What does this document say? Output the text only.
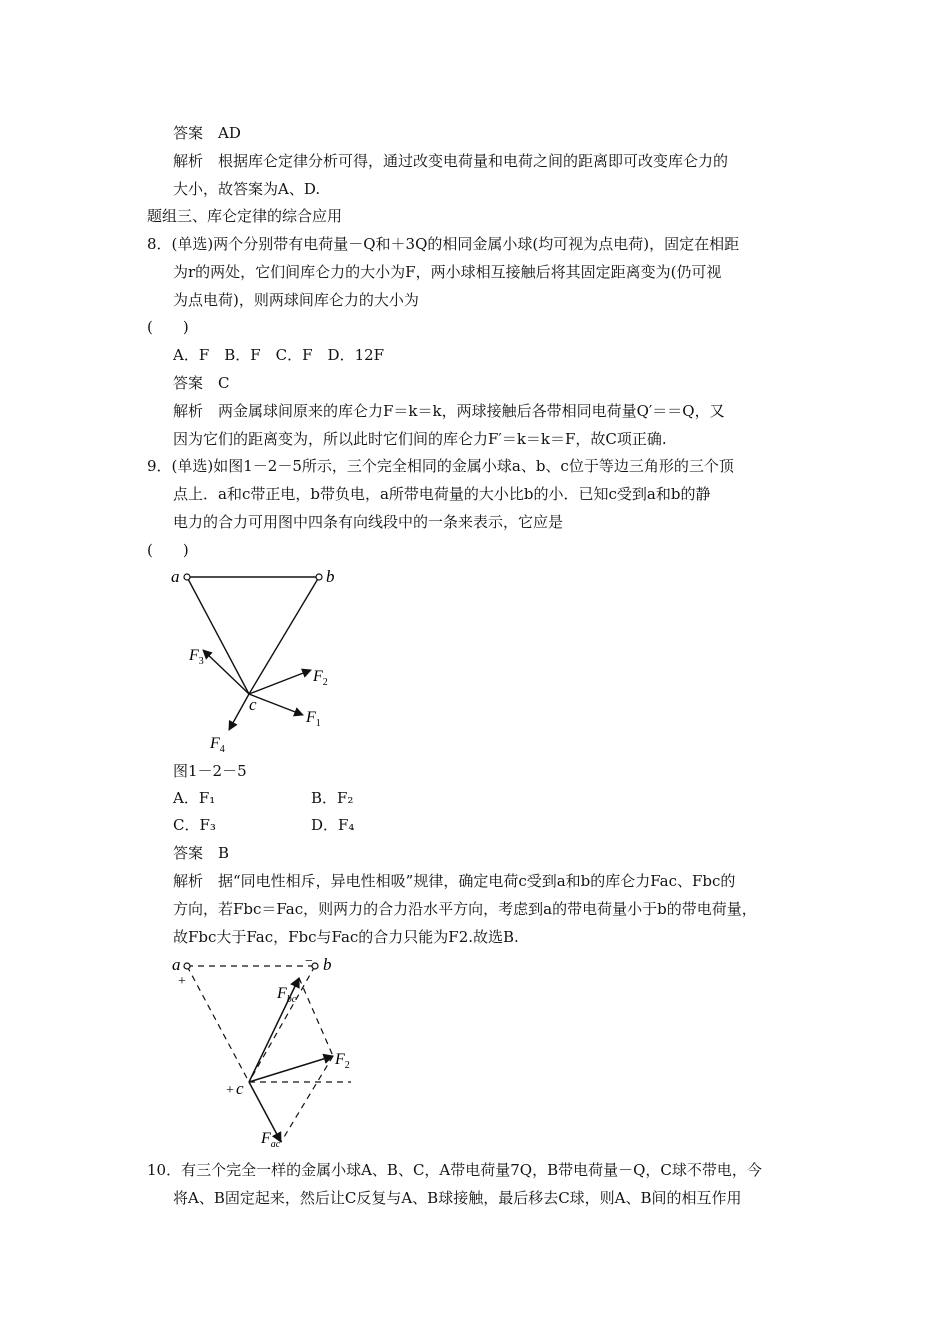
答案　AD
解析　根据库仑定律分析可得，通过改变电荷量和电荷之间的距离即可改变库仑力的
大小，故答案为A、D.
题组三、库仑定律的综合应用
8．(单选)两个分别带有电荷量－Q和＋3Q的相同金属小球(均可视为点电荷)，固定在相距
为r的两处，它们间库仑力的大小为F，两小球相互接触后将其固定距离变为(仍可视
为点电荷)，则两球间库仑力的大小为
(　　)
A．F　B．F　C．F　D．12F
答案　C
解析　两金属球间原来的库仑力F＝k＝k，两球接触后各带相同电荷量Q′＝＝Q，又
因为它们的距离变为，所以此时它们间的库仑力F′＝k＝k＝F，故C项正确.
9．(单选)如图1－2－5所示，三个完全相同的金属小球a、b、c位于等边三角形的三个顶
点上．a和c带正电，b带负电，a所带电荷量的大小比b的小．已知c受到a和b的静
电力的合力可用图中四条有向线段中的一条来表示，它应是
(　　)
a	b
c
$F_1$
$F_2$
$F_3$
$F_4$
图1－2－5
A．F₁	B．F₂
C．F₃	D．F₄
答案　B
解析　据“同电性相斥，异电性相吸”规律，确定电荷c受到a和b的库仑力Fac、Fbc的
方向，若Fbc＝Fac，则两力的合力沿水平方向，考虑到a的带电荷量小于b的带电荷量，
故Fbc大于Fac，Fbc与Fac的合力只能为F2.故选B.
a
+
− b
+ c
$F_{bc}$
$F_2$
$F_{ac}$
10．有三个完全一样的金属小球A、B、C，A带电荷量7Q，B带电荷量－Q，C球不带电，今
将A、B固定起来，然后让C反复与A、B球接触，最后移去C球，则A、B间的相互作用
